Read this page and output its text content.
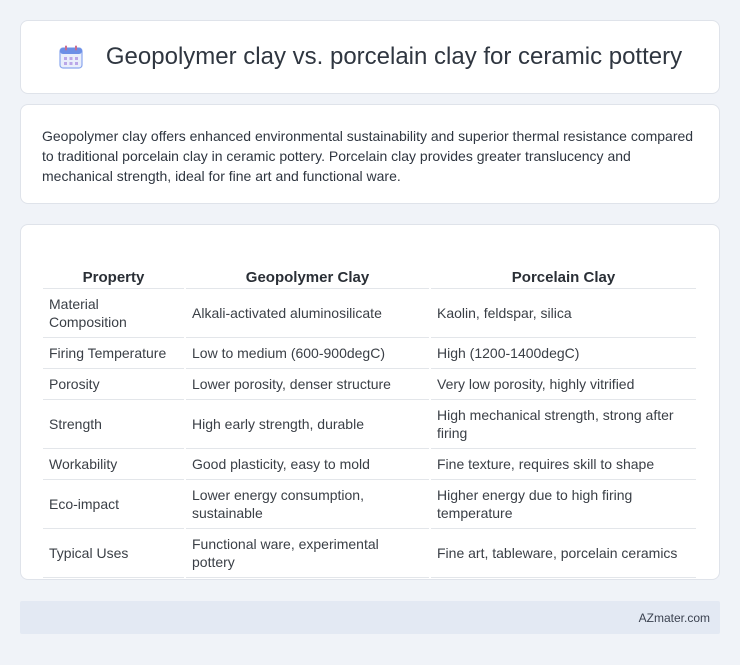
Geopolymer clay vs. porcelain clay for ceramic pottery

Geopolymer clay offers enhanced environmental sustainability and superior thermal resistance compared to traditional porcelain clay in ceramic pottery. Porcelain clay provides greater translucency and mechanical strength, ideal for fine art and functional ware.

Property	Geopolymer Clay	Porcelain Clay
Material Composition	Alkali-activated aluminosilicate	Kaolin, feldspar, silica
Firing Temperature	Low to medium (600-900degC)	High (1200-1400degC)
Porosity	Lower porosity, denser structure	Very low porosity, highly vitrified
Strength	High early strength, durable	High mechanical strength, strong after firing
Workability	Good plasticity, easy to mold	Fine texture, requires skill to shape
Eco-impact	Lower energy consumption, sustainable	Higher energy due to high firing temperature
Typical Uses	Functional ware, experimental pottery	Fine art, tableware, porcelain ceramics
AZmater.com
